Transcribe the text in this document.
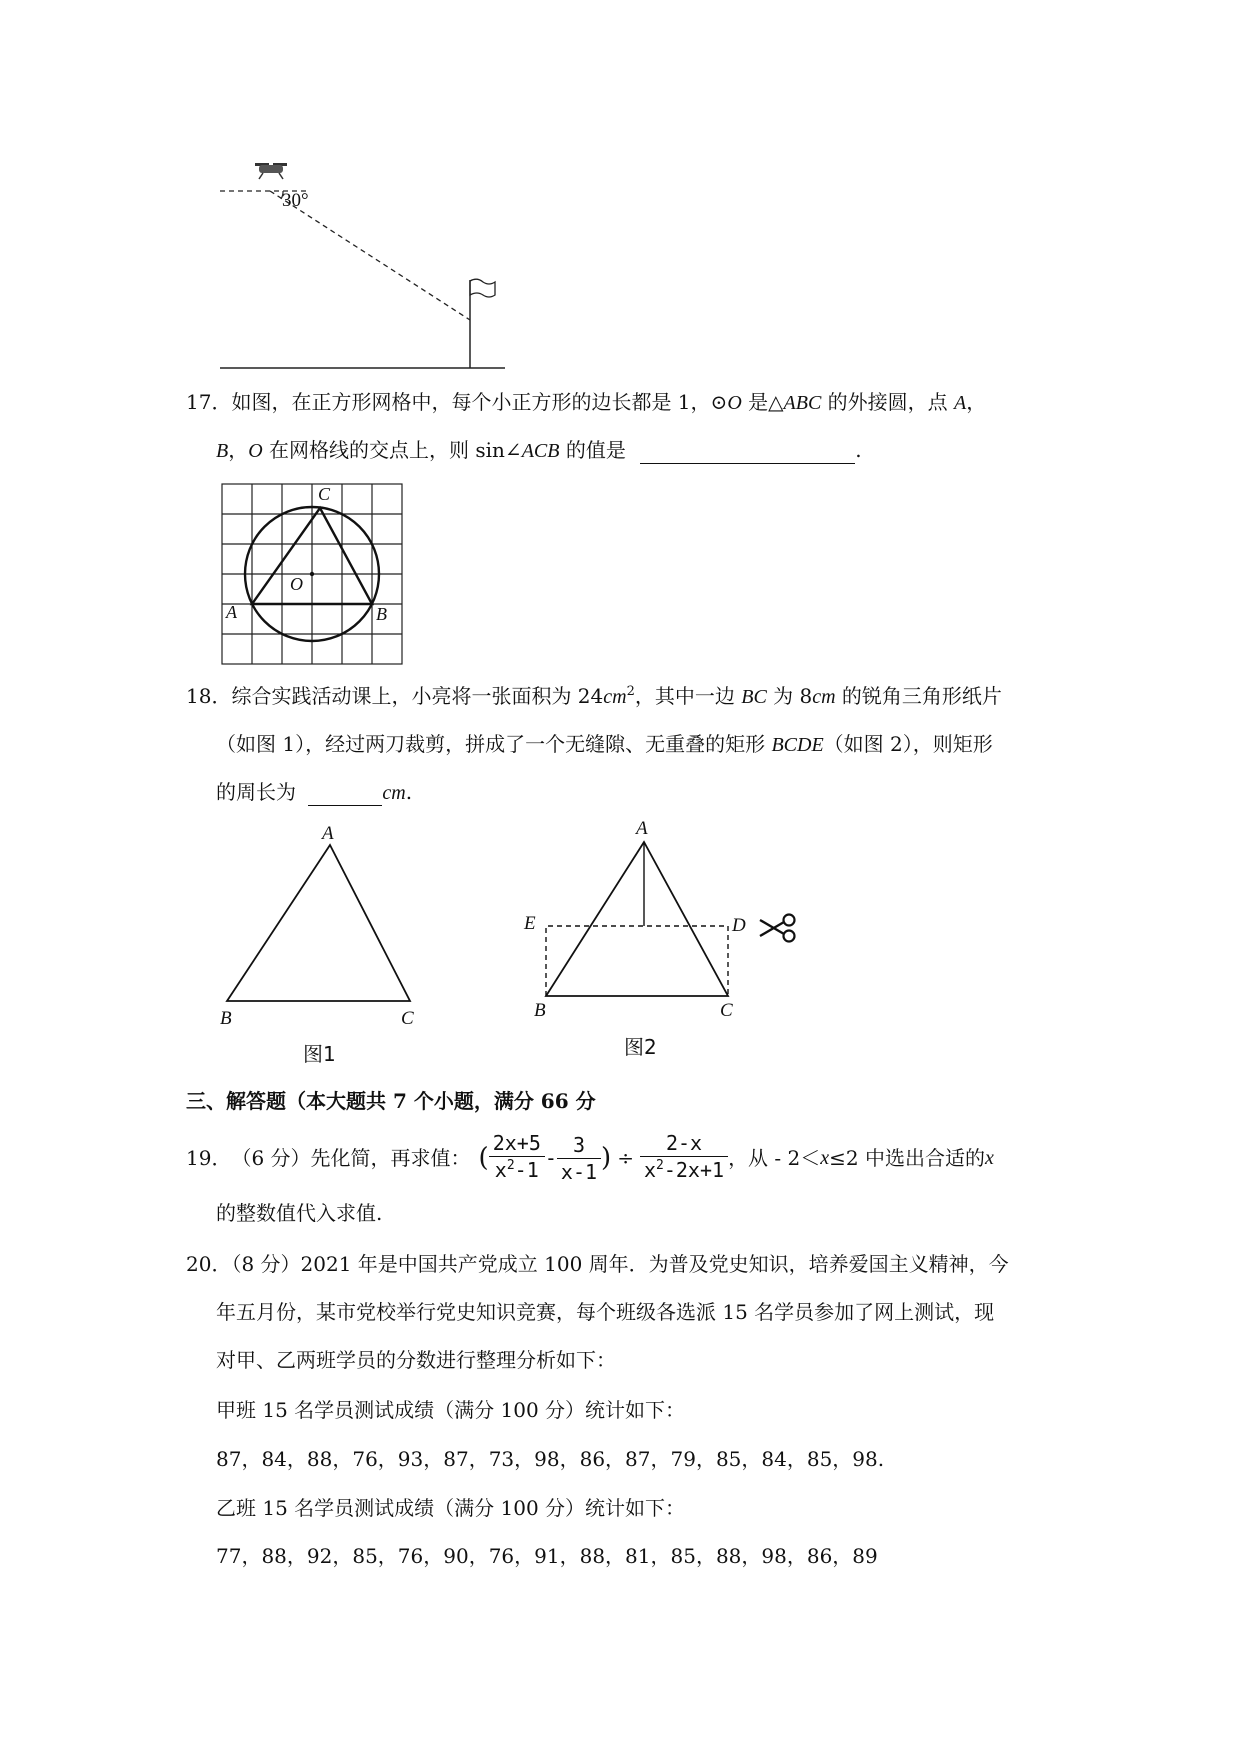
30°
17．如图，在正方形网格中，每个小正方形的边长都是 1，⊙O 是△ABC 的外接圆，点 A，
B，O 在网格线的交点上，则 sin∠ACB 的值是	.
C
O
A	B
18．综合实践活动课上，小亮将一张面积为 $24cm^2$，其中一边 BC 为 8cm 的锐角三角形纸片
（如图 1），经过两刀裁剪，拼成了一个无缝隙、无重叠的矩形 BCDE（如图 2），则矩形
的周长为	cm.
A
B	C
图1
A
E	D
B	C
图2
三、解答题（本大题共 7 个小题，满分 66 分
19． （6 分）先化简，再求值： ( $\frac{2x+5}{x^2-1} - \frac{3}{x-1}$ ) ÷ $\frac{2-x}{x^2-2x+1}$ ，从 - 2＜ x ≤2 中选出合适的 x
的整数值代入求值.
20．（8 分）2021 年是中国共产党成立 100 周年．为普及党史知识，培养爱国主义精神，今
年五月份，某市党校举行党史知识竞赛，每个班级各选派 15 名学员参加了网上测试，现
对甲、乙两班学员的分数进行整理分析如下：
甲班 15 名学员测试成绩（满分 100 分）统计如下：
87，84，88，76，93，87，73，98，86，87，79，85，84，85，98.
乙班 15 名学员测试成绩（满分 100 分）统计如下：
77，88，92，85，76，90，76，91，88，81，85，88，98，86，89
